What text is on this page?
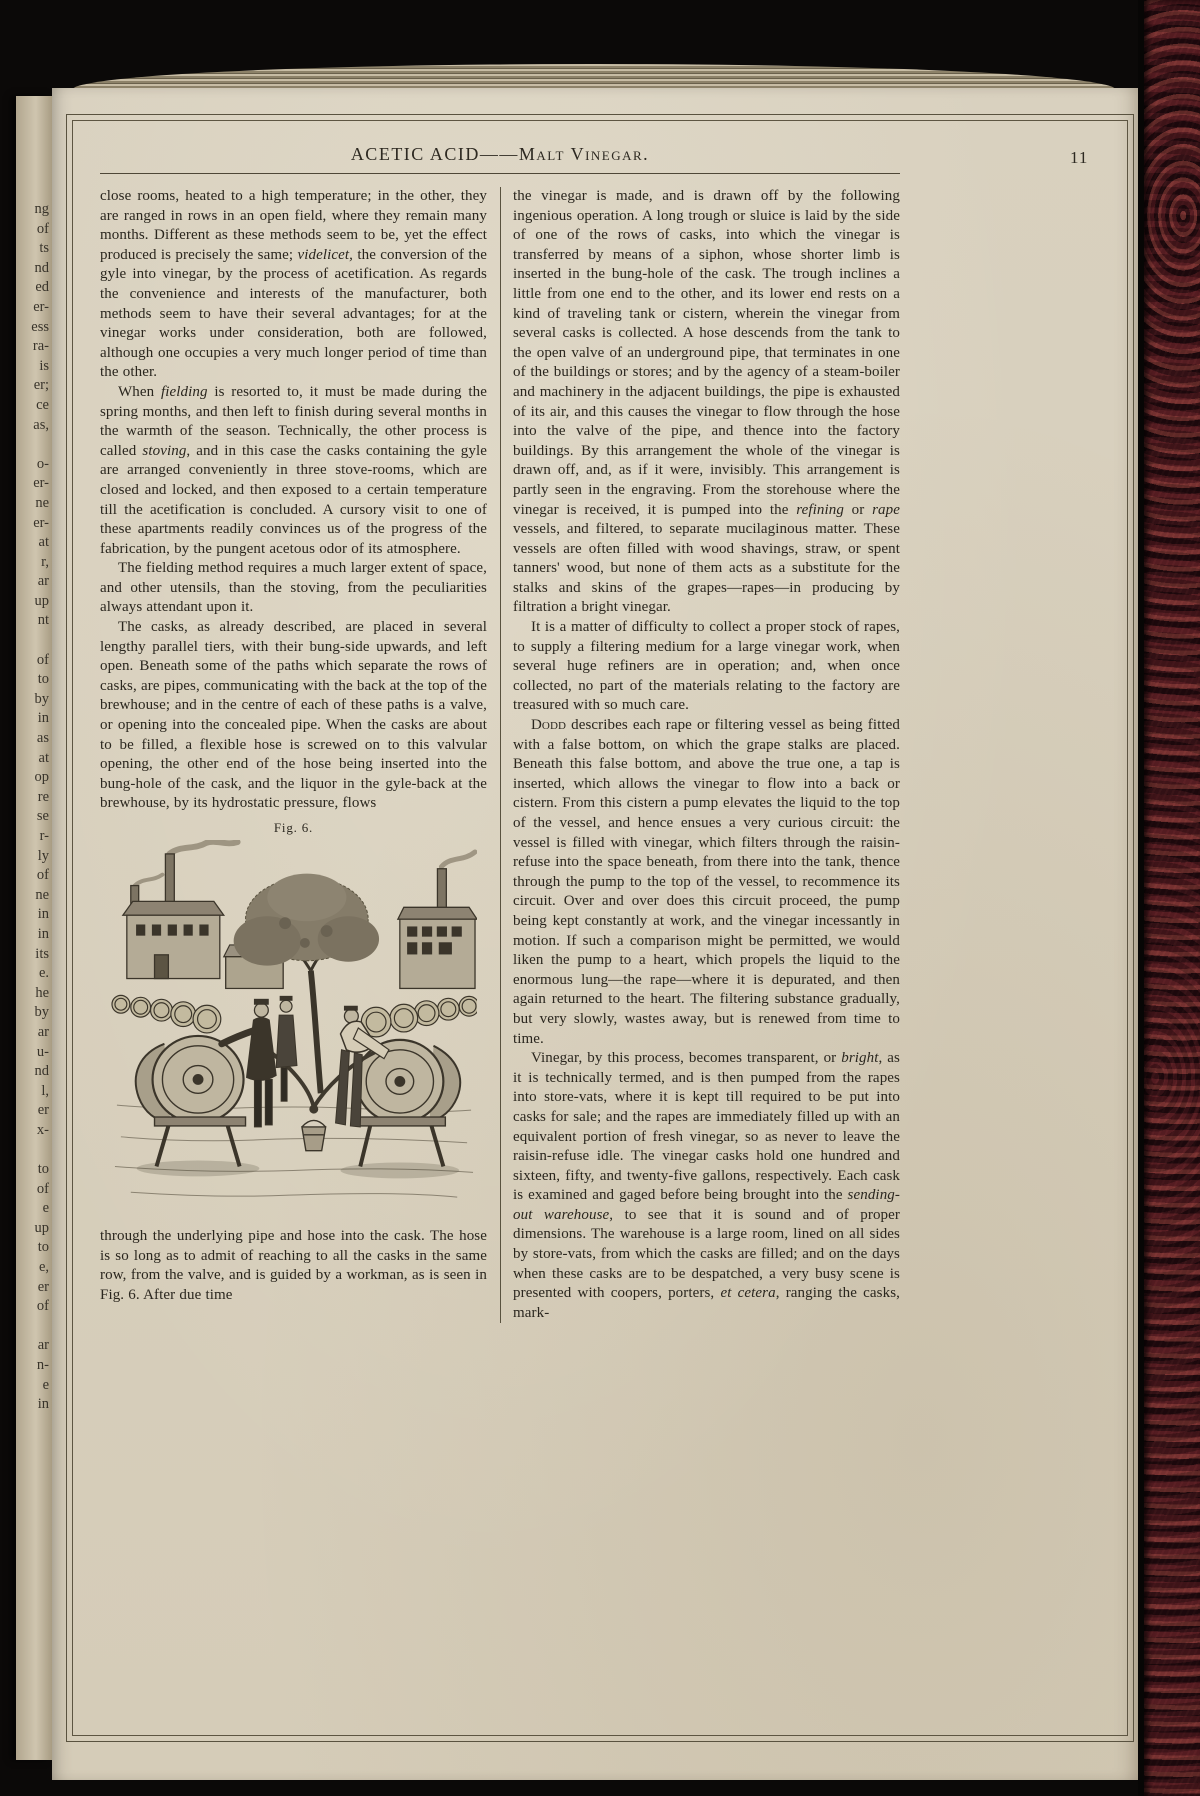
ng
of
ts
nd
ed
er-
ess
ra-
is
er;
ce
as,
o-
er-
ne
er-
at
r,
ar
up
nt
of
to
by
in
as
at
op
re
se
r-
ly
of
ne
in
in
its
e.
he
by
ar
u-
nd
l,
er
x-
to
of
e
up
to
e,
er
of
ar
n-
e
in
11
ACETIC ACID——Malt Vinegar.

close rooms, heated to a high temperature; in the other, they are ranged in rows in an open field, where they remain many months. Different as these methods seem to be, yet the effect produced is precisely the same; videlicet, the conversion of the gyle into vinegar, by the process of acetification. As regards the convenience and interests of the manufacturer, both methods seem to have their several advantages; for at the vinegar works under consideration, both are followed, although one occupies a very much longer period of time than the other.

When fielding is resorted to, it must be made during the spring months, and then left to finish during several months in the warmth of the season. Technically, the other process is called stoving, and in this case the casks containing the gyle are arranged conveniently in three stove-rooms, which are closed and locked, and then exposed to a certain temperature till the acetification is concluded. A cursory visit to one of these apartments readily convinces us of the progress of the fabrication, by the pungent acetous odor of its atmosphere.

The fielding method requires a much larger extent of space, and other utensils, than the stoving, from the peculiarities always attendant upon it.

The casks, as already described, are placed in several lengthy parallel tiers, with their bung-side upwards, and left open. Beneath some of the paths which separate the rows of casks, are pipes, communicating with the back at the top of the brewhouse; and in the centre of each of these paths is a valve, or opening into the concealed pipe. When the casks are about to be filled, a flexible hose is screwed on to this valvular opening, the other end of the hose being inserted into the bung-hole of the cask, and the liquor in the gyle-back at the brewhouse, by its hydrostatic pressure, flows

Fig. 6.

through the underlying pipe and hose into the cask. The hose is so long as to admit of reaching to all the casks in the same row, from the valve, and is guided by a workman, as is seen in Fig. 6. After due time

the vinegar is made, and is drawn off by the following ingenious operation. A long trough or sluice is laid by the side of one of the rows of casks, into which the vinegar is transferred by means of a siphon, whose shorter limb is inserted in the bung-hole of the cask. The trough inclines a little from one end to the other, and its lower end rests on a kind of traveling tank or cistern, wherein the vinegar from several casks is collected. A hose descends from the tank to the open valve of an underground pipe, that terminates in one of the buildings or stores; and by the agency of a steam-boiler and machinery in the adjacent buildings, the pipe is exhausted of its air, and this causes the vinegar to flow through the hose into the valve of the pipe, and thence into the factory buildings. By this arrangement the whole of the vinegar is drawn off, and, as if it were, invisibly. This arrangement is partly seen in the engraving. From the storehouse where the vinegar is received, it is pumped into the refining or rape vessels, and filtered, to separate mucilaginous matter. These vessels are often filled with wood shavings, straw, or spent tanners' wood, but none of them acts as a substitute for the stalks and skins of the grapes—rapes—in producing by filtration a bright vinegar.

It is a matter of difficulty to collect a proper stock of rapes, to supply a filtering medium for a large vinegar work, when several huge refiners are in operation; and, when once collected, no part of the materials relating to the factory are treasured with so much care.

Dodd describes each rape or filtering vessel as being fitted with a false bottom, on which the grape stalks are placed. Beneath this false bottom, and above the true one, a tap is inserted, which allows the vinegar to flow into a back or cistern. From this cistern a pump elevates the liquid to the top of the vessel, and hence ensues a very curious circuit: the vessel is filled with vinegar, which filters through the raisin-refuse into the space beneath, from there into the tank, thence through the pump to the top of the vessel, to recommence its circuit. Over and over does this circuit proceed, the pump being kept constantly at work, and the vinegar incessantly in motion. If such a comparison might be permitted, we would liken the pump to a heart, which propels the liquid to the enormous lung—the rape—where it is depurated, and then again returned to the heart. The filtering substance gradually, but very slowly, wastes away, but is renewed from time to time.

Vinegar, by this process, becomes transparent, or bright, as it is technically termed, and is then pumped from the rapes into store-vats, where it is kept till required to be put into casks for sale; and the rapes are immediately filled up with an equivalent portion of fresh vinegar, so as never to leave the raisin-refuse idle. The vinegar casks hold one hundred and sixteen, fifty, and twenty-five gallons, respectively. Each cask is examined and gaged before being brought into the sending-out warehouse, to see that it is sound and of proper dimensions. The warehouse is a large room, lined on all sides by store-vats, from which the casks are filled; and on the days when these casks are to be despatched, a very busy scene is presented with coopers, porters, et cetera, ranging the casks, mark-
